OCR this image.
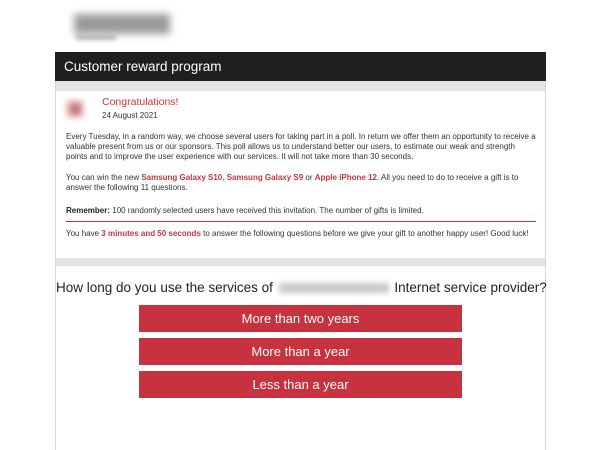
Customer reward program
Congratulations!
24 August 2021

Every Tuesday, in a random way, we choose several users for taking part in a poll. In return we offer them an opportunity to receive a valuable present from us or our sponsors. This poll allows us to understand better our users, to estimate our weak and strength points and to improve the user experience with our services. It will not take more than 30 seconds.

You can win the new Samsung Galaxy S10, Samsung Galaxy S9 or Apple iPhone 12. All you need to do to receive a gift is to answer the following 11 questions.

Remember: 100 randomly selected users have received this invitation. The number of gifts is limited.

You have 3 minutes and 50 seconds to answer the following questions before we give your gift to another happy user! Good luck!

How long do you use the services of	Internet service provider?
More than two years
More than a year
Less than a year
